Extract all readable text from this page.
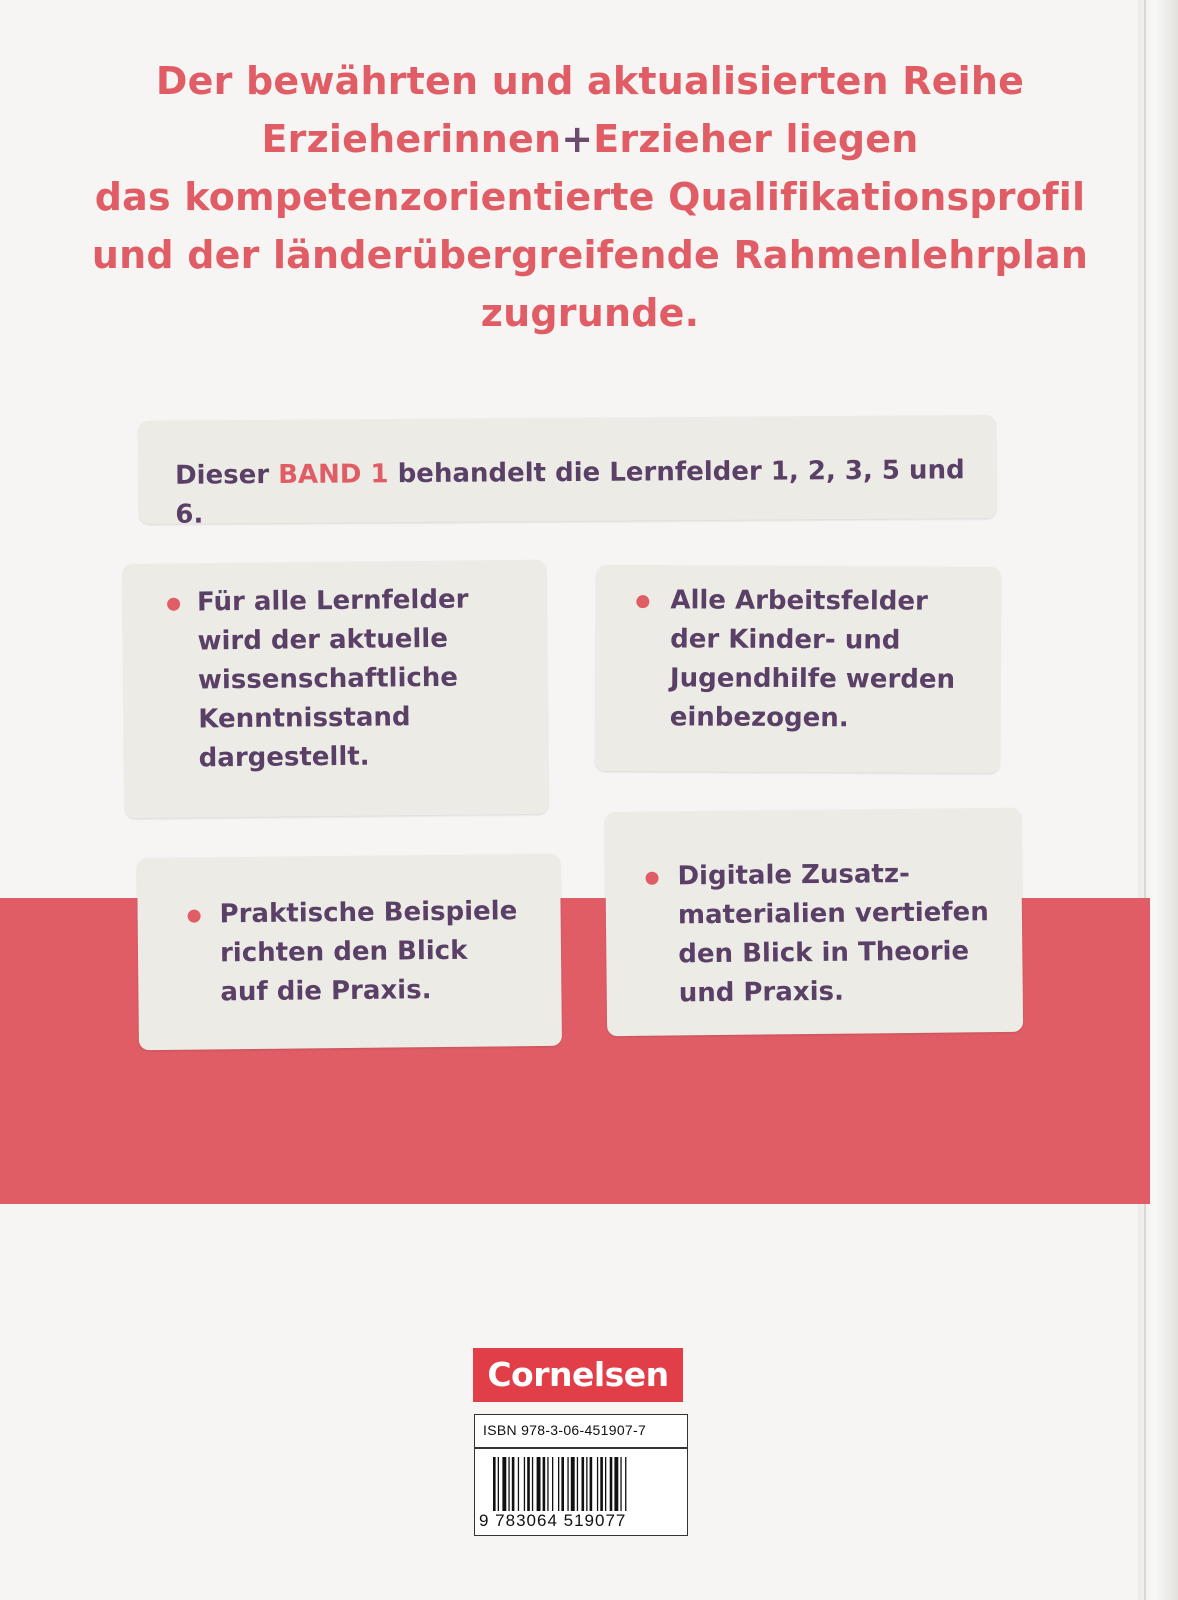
Der bewährten und aktualisierten Reihe
Erzieherinnen+Erzieher liegen
das kompetenzorientierte Qualifikationsprofil
und der länderübergreifende Rahmenlehrplan
zugrunde.
Dieser BAND 1 behandelt die Lernfelder 1, 2, 3, 5 und 6.
Für alle Lernfelder
wird der aktuelle
wissenschaftliche
Kenntnisstand
dargestellt.
Alle Arbeitsfelder
der Kinder- und
Jugendhilfe werden
einbezogen.
Praktische Beispiele
richten den Blick
auf die Praxis.
Digitale Zusatz-
materialien vertiefen
den Blick in Theorie
und Praxis.
Cornelsen
ISBN 978-3-06-451907-7
9 783064 519077
